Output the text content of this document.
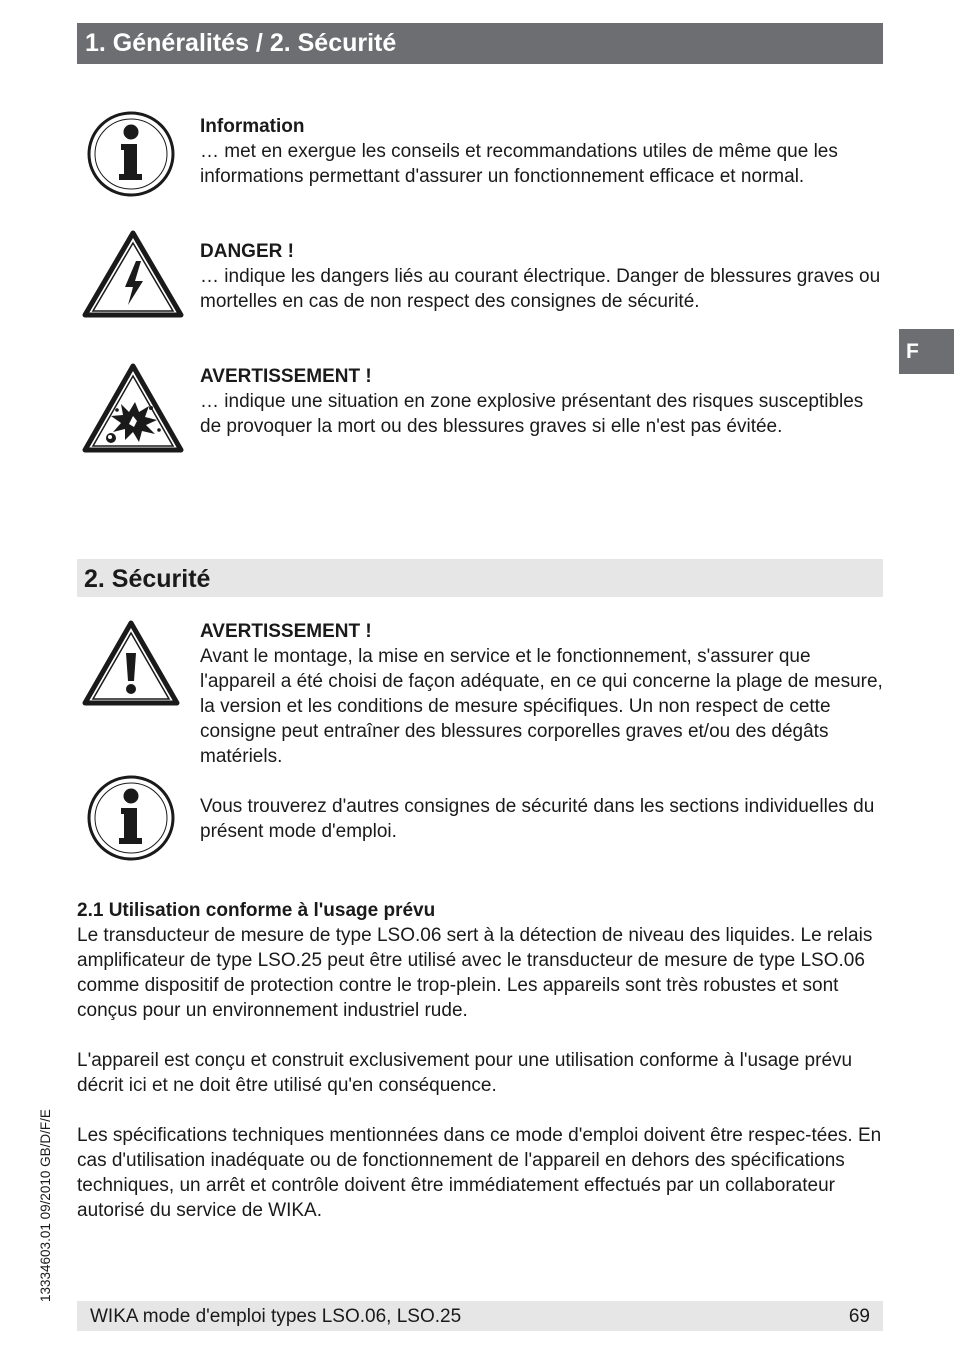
1. Généralités / 2. Sécurité
F
Information
… met en exergue les conseils et recommandations utiles de même que les informations permettant d'assurer un fonctionnement efficace et normal.
DANGER !
… indique les dangers liés au courant électrique. Danger de blessures graves ou mortelles en cas de non respect des consignes de sécurité.
AVERTISSEMENT !
… indique une situation en zone explosive présentant des risques susceptibles de provoquer la mort ou des blessures graves si elle n'est pas évitée.
2. Sécurité
AVERTISSEMENT !
Avant le montage, la mise en service et le fonctionnement, s'assurer que l'appareil a été choisi de façon adéquate, en ce qui concerne la plage de mesure, la version et les conditions de mesure spécifiques. Un non respect de cette consigne peut entraîner des blessures corporelles graves et/ou des dégâts matériels.
Vous trouverez d'autres consignes de sécurité dans les sections individuelles du présent mode d'emploi.

2.1 Utilisation conforme à l'usage prévu

Le transducteur de mesure de type LSO.06 sert à la détection de niveau des liquides. Le relais amplificateur de type LSO.25 peut être utilisé avec le transducteur de mesure de type LSO.06 comme dispositif de protection contre le trop-plein. Les appareils sont très robustes et sont conçus pour un environnement industriel rude.

L'appareil est conçu et construit exclusivement pour une utilisation conforme à l'usage prévu décrit ici et ne doit être utilisé qu'en conséquence.

Les spécifications techniques mentionnées dans ce mode d'emploi doivent être respec-tées. En cas d'utilisation inadéquate ou de fonctionnement de l'appareil en dehors des spécifications techniques, un arrêt et contrôle doivent être immédiatement effectués par un collaborateur autorisé du service de WIKA.

13334603.01 09/2010 GB/D/F/E
WIKA mode d'emploi types LSO.06, LSO.25	69
